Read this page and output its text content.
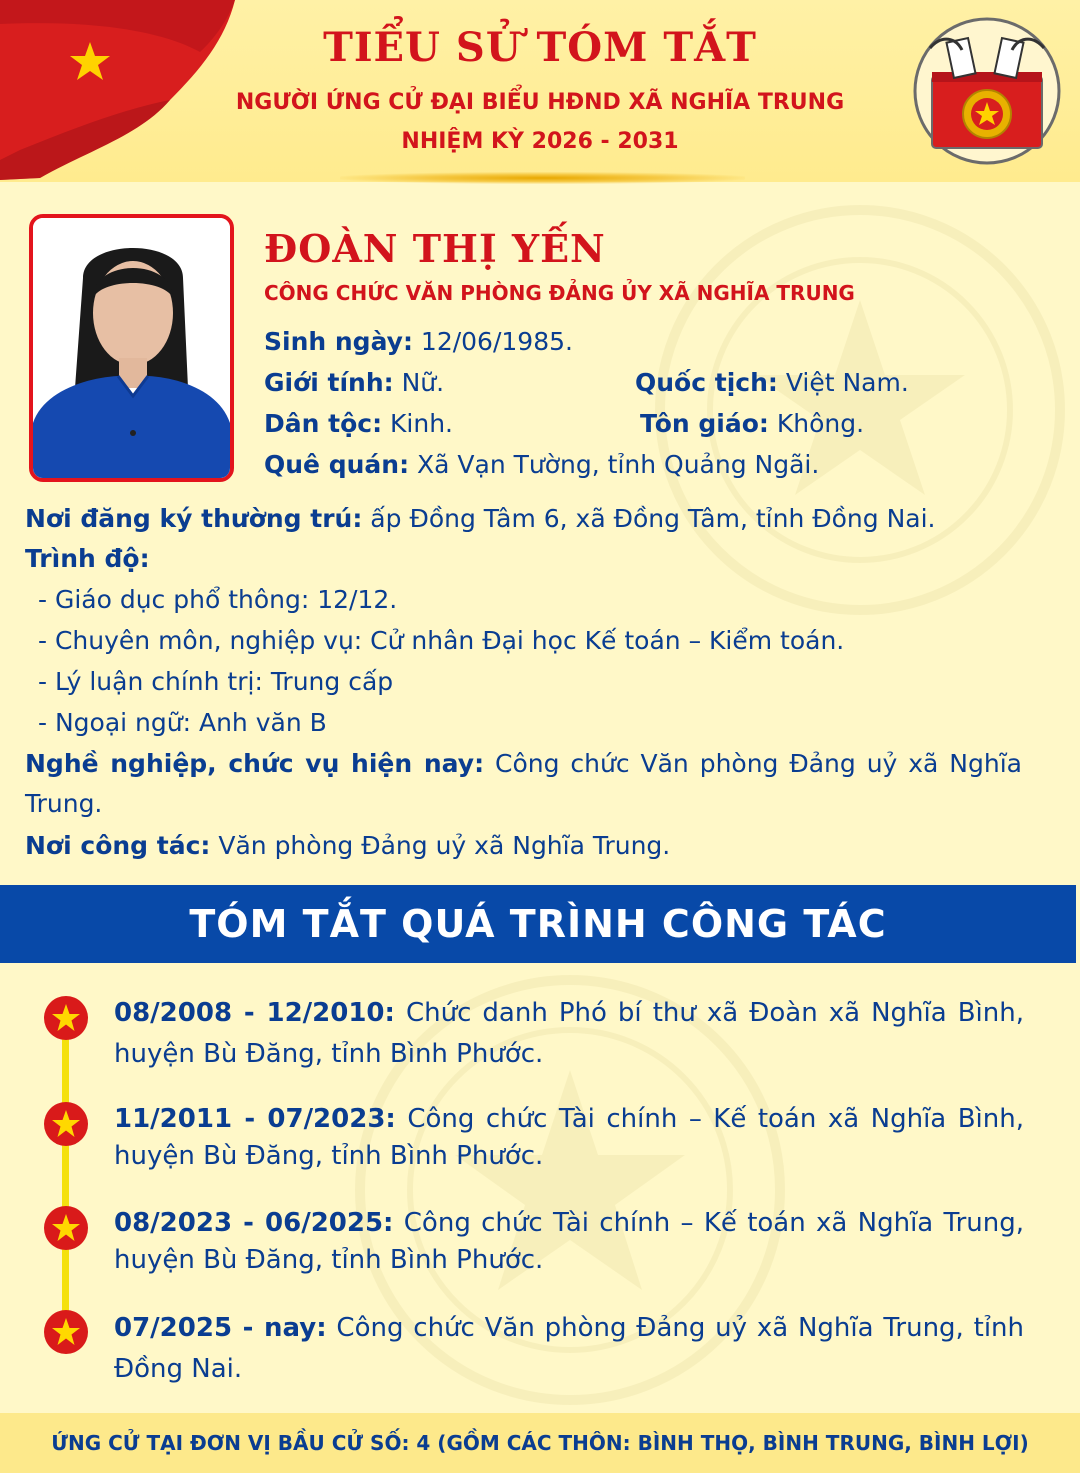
TIỂU SỬ TÓM TẮT
NGƯỜI ỨNG CỬ ĐẠI BIỂU HĐND XÃ NGHĨA TRUNG
NHIỆM KỲ 2026 - 2031
ĐOÀN THỊ YẾN
CÔNG CHỨC VĂN PHÒNG ĐẢNG ỦY XÃ NGHĨA TRUNG
Sinh ngày: 12/06/1985.
Giới tính: Nữ.	Quốc tịch: Việt Nam.
Dân tộc: Kinh.	Tôn giáo: Không.
Quê quán: Xã Vạn Tường, tỉnh Quảng Ngãi.
Nơi đăng ký thường trú: ấp Đồng Tâm 6, xã Đồng Tâm, tỉnh Đồng Nai.
Trình độ:
- Giáo dục phổ thông: 12/12.
- Chuyên môn, nghiệp vụ: Cử nhân Đại học Kế toán – Kiểm toán.
- Lý luận chính trị: Trung cấp
- Ngoại ngữ: Anh văn B
Nghề nghiệp, chức vụ hiện nay: Công chức Văn phòng Đảng uỷ xã Nghĩa Trung.
Nơi công tác: Văn phòng Đảng uỷ xã Nghĩa Trung.
TÓM TẮT QUÁ TRÌNH CÔNG TÁC
08/2008 - 12/2010: Chức danh Phó bí thư xã Đoàn xã Nghĩa Bình, huyện Bù Đăng, tỉnh Bình Phước.
11/2011 - 07/2023: Công chức Tài chính – Kế toán xã Nghĩa Bình, huyện Bù Đăng, tỉnh Bình Phước.
08/2023 - 06/2025: Công chức Tài chính – Kế toán xã Nghĩa Trung, huyện Bù Đăng, tỉnh Bình Phước.
07/2025 - nay: Công chức Văn phòng Đảng uỷ xã Nghĩa Trung, tỉnh Đồng Nai.
ỨNG CỬ TẠI ĐƠN VỊ BẦU CỬ SỐ: 4 (GỒM CÁC THÔN: BÌNH THỌ, BÌNH TRUNG, BÌNH LỢI)
